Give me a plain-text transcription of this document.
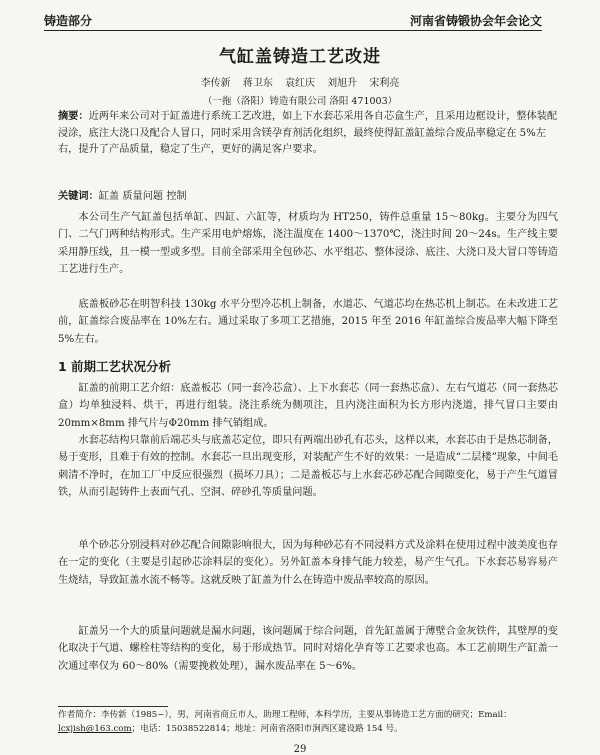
铸造部分	河南省铸锻协会年会论文
气缸盖铸造工艺改进
李传新 蒋卫东 袁红庆 刘旭升 宋利亮
（一拖（洛阳）铸造有限公司 洛阳 471003）
摘要：近两年来公司对于缸盖进行系统工艺改进，如上下水套芯采用各自芯盒生产，且采用边框设计，整体装配浸涂，底注大浇口及配合人冒口，同时采用含镁孕育剂活化组织，最终使得缸盖缸盖综合废品率稳定在 5%左右，提升了产品质量，稳定了生产，更好的满足客户要求。
关键词：缸盖 质量问题 控制
本公司生产气缸盖包括单缸、四缸、六缸等，材质均为 HT250，铸件总重量 15～80kg。主要分为四气门、二气门两种结构形式。生产采用电炉熔炼，浇注温度在 1400～1370℃，浇注时间 20～24s。生产线主要采用静压线，且一模一型或多型。目前全部采用全包砂芯、水平组芯、整体浸涂、底注、大浇口及大冒口等铸造工艺进行生产。
底盖板砂芯在明智科技 130kg 水平分型冷芯机上制备，水道芯、气道芯均在热芯机上制芯。在未改进工艺前，缸盖综合废品率在 10%左右。通过采取了多项工艺措施，2015 年至 2016 年缸盖综合废品率大幅下降至 5%左右。
1 前期工艺状况分析
缸盖的前期工艺介绍：底盖板芯（同一套冷芯盒）、上下水套芯（同一套热芯盒）、左右气道芯（同一套热芯盒）均单独浸料、烘干，再进行组装。浇注系统为侧项注，且内浇注面积为长方形内浇道，排气冒口主要由 20mm×8mm 排气片与Φ20mm 排气销组成。
水套芯结构只靠前后端芯头与底盖芯定位，即只有两端出砂孔有芯头，这样以来，水套芯由于是热芯制备，易于变形，且难于有效的控制。水套芯一旦出现变形，对装配产生不好的效果：一是造成“二层楼”现象，中间毛刺清不净时，在加工厂中反应很强烈（损坏刀具）；二是盖板芯与上水套芯砂芯配合间隙变化，易于产生气道冒铁，从而引起铸件上表面气孔、空洞、碎砂孔等质量问题。
单个砂芯分别浸料对砂芯配合间隙影响很大，因为每种砂芯有不同浸料方式及涂料在使用过程中波美度也存在一定的变化（主要是引起砂芯涂料层的变化）。另外缸盖本身排气能力较差，易产生气孔。下水套芯易容易产生烧结，导致缸盖水流不畅等。这就反映了缸盖为什么在铸造中废品率较高的原因。
缸盖另一个大的质量问题就是漏水问题，该问题属于综合问题，首先缸盖属于薄壁合金灰铁件，其壁厚的变化取决于气道、螺栓柱等结构的变化，易于形成热节。同时对熔化孕育等工艺要求也高。本工艺前期生产缸盖一次通过率仅为 60～80%（需要挽救处理），漏水废品率在 5～6%。
作者简介：李传新（1985~），男，河南省商丘市人，助理工程师，本科学历，主要从事铸造工艺方面的研究；Email：lcxjish@163.com；电话：15038522814；地址：河南省洛阳市涧西区建设路 154 号。
29
